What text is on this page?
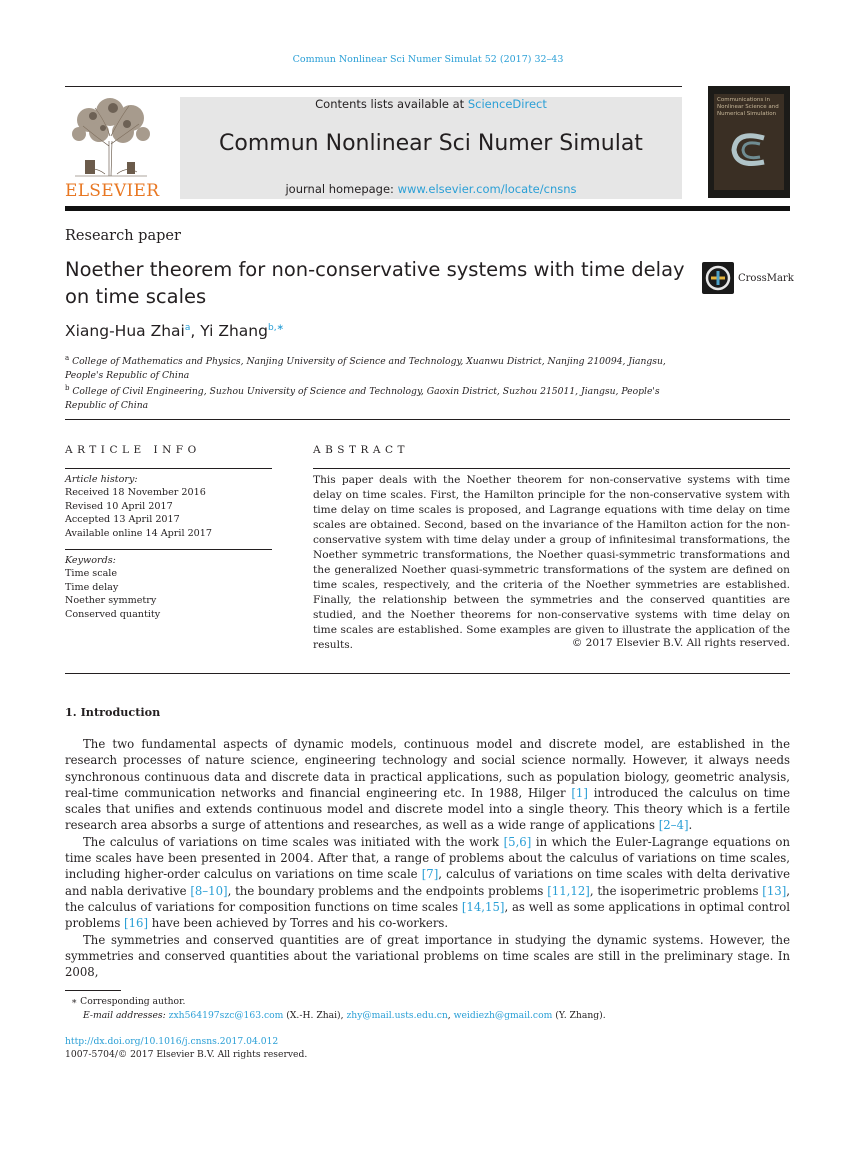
Commun Nonlinear Sci Numer Simulat 52 (2017) 32–43
ELSEVIER
Contents lists available at ScienceDirect
Commun Nonlinear Sci Numer Simulat
journal homepage: www.elsevier.com/locate/cnsns
Communications in Nonlinear Science and Numerical Simulation
Research paper
Noether theorem for non-conservative systems with time delay on time scales
CrossMark
Xiang-Hua Zhai$^a$, Yi Zhang$^{b,∗}$
$^a$ College of Mathematics and Physics, Nanjing University of Science and Technology, Xuanwu District, Nanjing 210094, Jiangsu, People's Republic of China
$^b$ College of Civil Engineering, Suzhou University of Science and Technology, Gaoxin District, Suzhou 215011, Jiangsu, People's Republic of China
ARTICLE INFO	ABSTRACT
Article history:
Received 18 November 2016
Revised 10 April 2017
Accepted 13 April 2017
Available online 14 April 2017
Keywords:
Time scale
Time delay
Noether symmetry
Conserved quantity
This paper deals with the Noether theorem for non-conservative systems with time delay on time scales. First, the Hamilton principle for the non-conservative system with time delay on time scales is proposed, and Lagrange equations with time delay on time scales are obtained. Second, based on the invariance of the Hamilton action for the non-conservative system with time delay under a group of infinitesimal transformations, the Noether symmetric transformations, the Noether quasi-symmetric transformations and the generalized Noether quasi-symmetric transformations of the system are defined on time scales, respectively, and the criteria of the Noether symmetries are established. Finally, the relationship between the symmetries and the conserved quantities are studied, and the Noether theorems for non-conservative systems with time delay on time scales are established. Some examples are given to illustrate the application of the results.	© 2017 Elsevier B.V. All rights reserved.
1. Introduction

The two fundamental aspects of dynamic models, continuous model and discrete model, are established in the research processes of nature science, engineering technology and social science normally. However, it always needs synchronous continuous data and discrete data in practical applications, such as population biology, geometric analysis, real-time communication networks and financial engineering etc. In 1988, Hilger [1] introduced the calculus on time scales that unifies and extends continuous model and discrete model into a single theory. This theory which is a fertile research area absorbs a surge of attentions and researches, as well as a wide range of applications [2–4].

The calculus of variations on time scales was initiated with the work [5,6] in which the Euler-Lagrange equations on time scales have been presented in 2004. After that, a range of problems about the calculus of variations on time scales, including higher-order calculus on variations on time scale [7], calculus of variations on time scales with delta derivative and nabla derivative [8–10], the boundary problems and the endpoints problems [11,12], the isoperimetric problems [13], the calculus of variations for composition functions on time scales [14,15], as well as some applications in optimal control problems [16] have been achieved by Torres and his co-workers.

The symmetries and conserved quantities are of great importance in studying the dynamic systems. However, the symmetries and conserved quantities about the variational problems on time scales are still in the preliminary stage. In 2008,

∗ Corresponding author.
E-mail addresses: zxh564197szc@163.com (X.-H. Zhai), zhy@mail.usts.edu.cn, weidiezh@gmail.com (Y. Zhang).
http://dx.doi.org/10.1016/j.cnsns.2017.04.012
1007-5704/© 2017 Elsevier B.V. All rights reserved.
